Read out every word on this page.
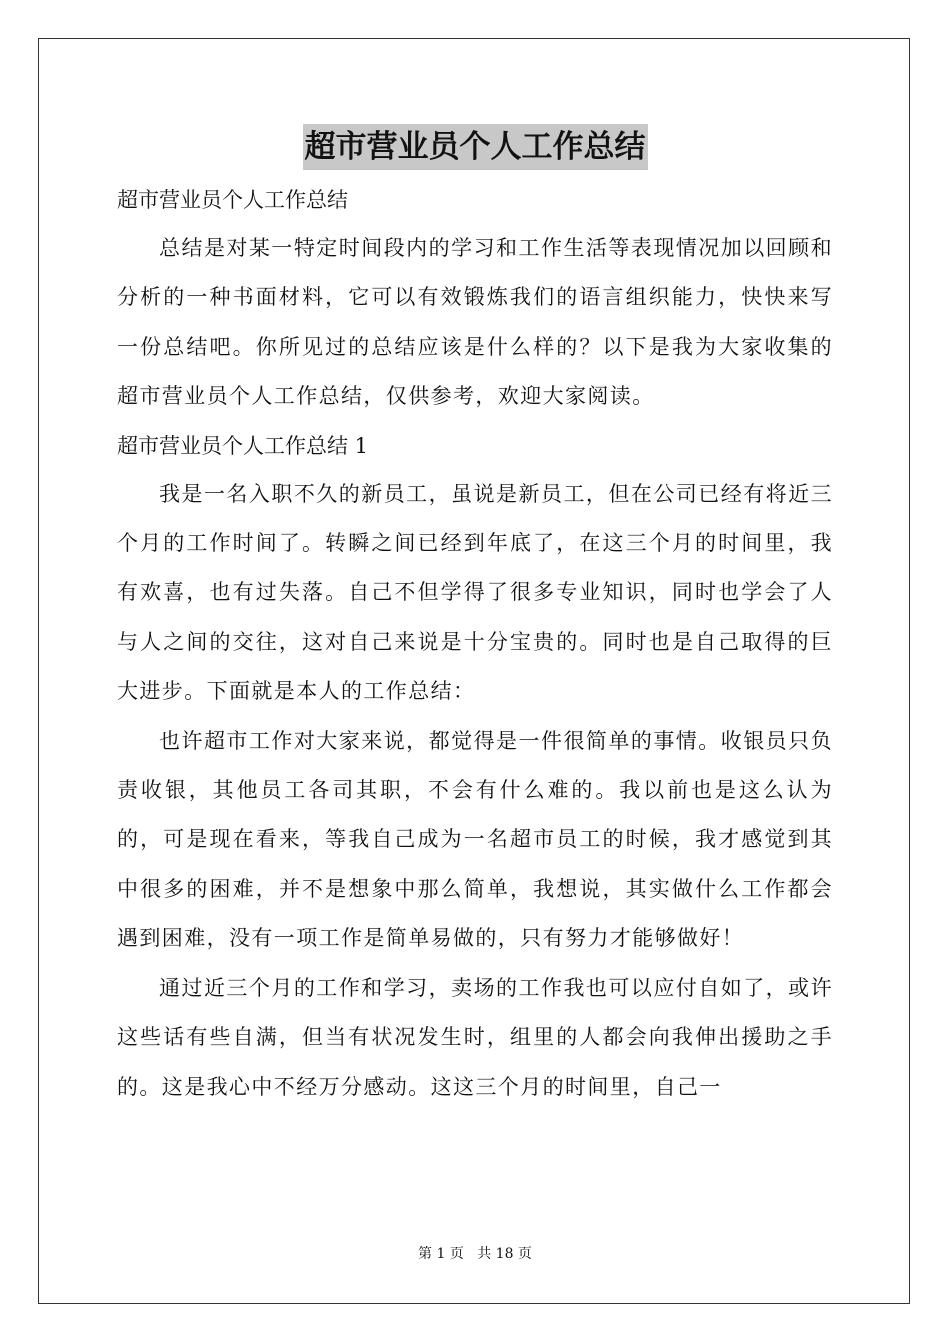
超市营业员个人工作总结

超市营业员个人工作总结

总结是对某一特定时间段内的学习和工作生活等表现情况加以回顾和分析的一种书面材料，它可以有效锻炼我们的语言组织能力，快快来写一份总结吧。你所见过的总结应该是什么样的？以下是我为大家收集的超市营业员个人工作总结，仅供参考，欢迎大家阅读。

超市营业员个人工作总结 1

我是一名入职不久的新员工，虽说是新员工，但在公司已经有将近三个月的工作时间了。转瞬之间已经到年底了，在这三个月的时间里，我有欢喜，也有过失落。自己不但学得了很多专业知识，同时也学会了人与人之间的交往，这对自己来说是十分宝贵的。同时也是自己取得的巨大进步。下面就是本人的工作总结：

也许超市工作对大家来说，都觉得是一件很简单的事情。收银员只负责收银，其他员工各司其职，不会有什么难的。我以前也是这么认为的，可是现在看来，等我自己成为一名超市员工的时候，我才感觉到其中很多的困难，并不是想象中那么简单，我想说，其实做什么工作都会遇到困难，没有一项工作是简单易做的，只有努力才能够做好！

通过近三个月的工作和学习，卖场的工作我也可以应付自如了，或许这些话有些自满，但当有状况发生时，组里的人都会向我伸出援助之手的。这是我心中不经万分感动。这这三个月的时间里，自己一

第 1 页 共 18 页
